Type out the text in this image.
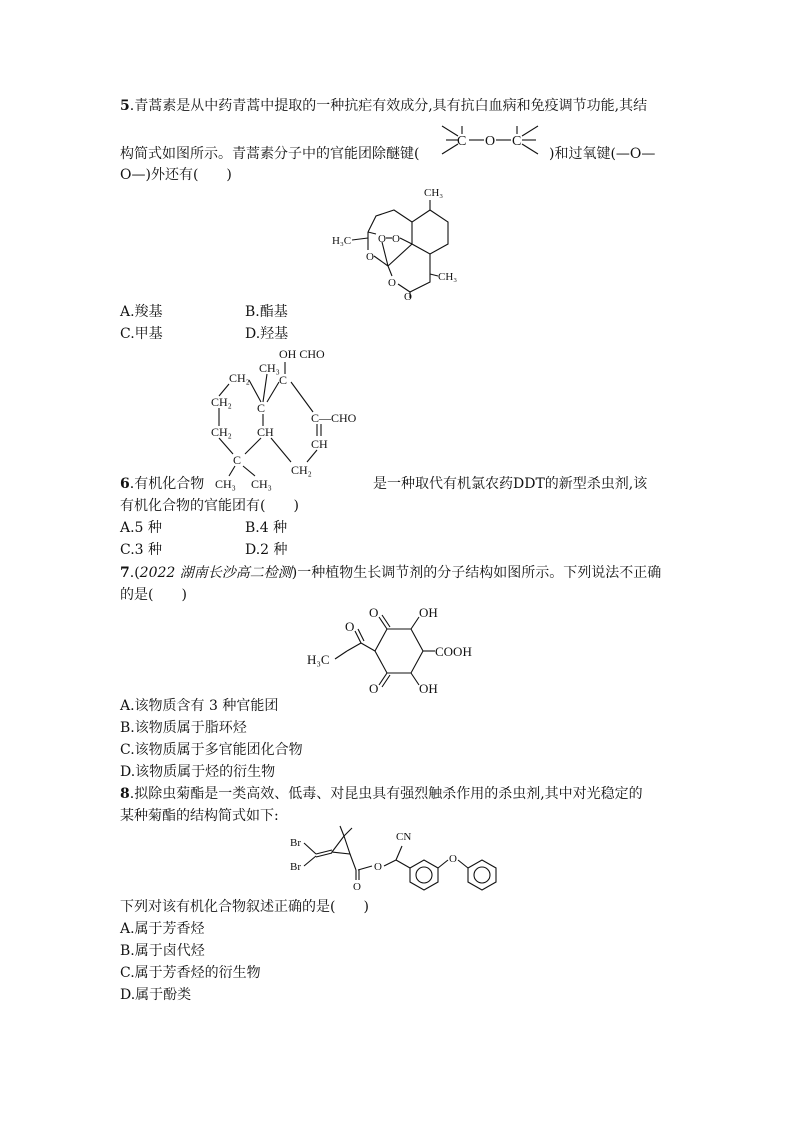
5.青蒿素是从中药青蒿中提取的一种抗疟有效成分,具有抗白血病和免疫调节功能,其结
构简式如图所示。青蒿素分子中的官能团除醚键(
C O C
)和过氧键(—O—
O—)外还有(　　)
CH₃
O O
H₃C
O
O	CH₃
O
A.羧基	B.酯基
C.甲基	D.羟基
OH CHO
CH₂
CH₃
C
CH₂ C
C—CHO
CH₂ CH
CH
C
CH₂
CH₃ CH₃
6.有机化合物	是一种取代有机氯农药DDT的新型杀虫剂,该
有机化合物的官能团有(　　)
A.5 种	B.4 种
C.3 种	D.2 种
7.(2022 湖南长沙高二检测)一种植物生长调节剂的分子结构如图所示。下列说法不正确
的是(　　)
O	OH
COOH
OH
O
O
H₃C
A.该物质含有 3 种官能团
B.该物质属于脂环烃
C.该物质属于多官能团化合物
D.该物质属于烃的衍生物
8.拟除虫菊酯是一类高效、低毒、对昆虫具有强烈触杀作用的杀虫剂,其中对光稳定的
某种菊酯的结构简式如下:
Br
Br
O
O
CN
O
下列对该有机化合物叙述正确的是(　　)
A.属于芳香烃
B.属于卤代烃
C.属于芳香烃的衍生物
D.属于酚类
